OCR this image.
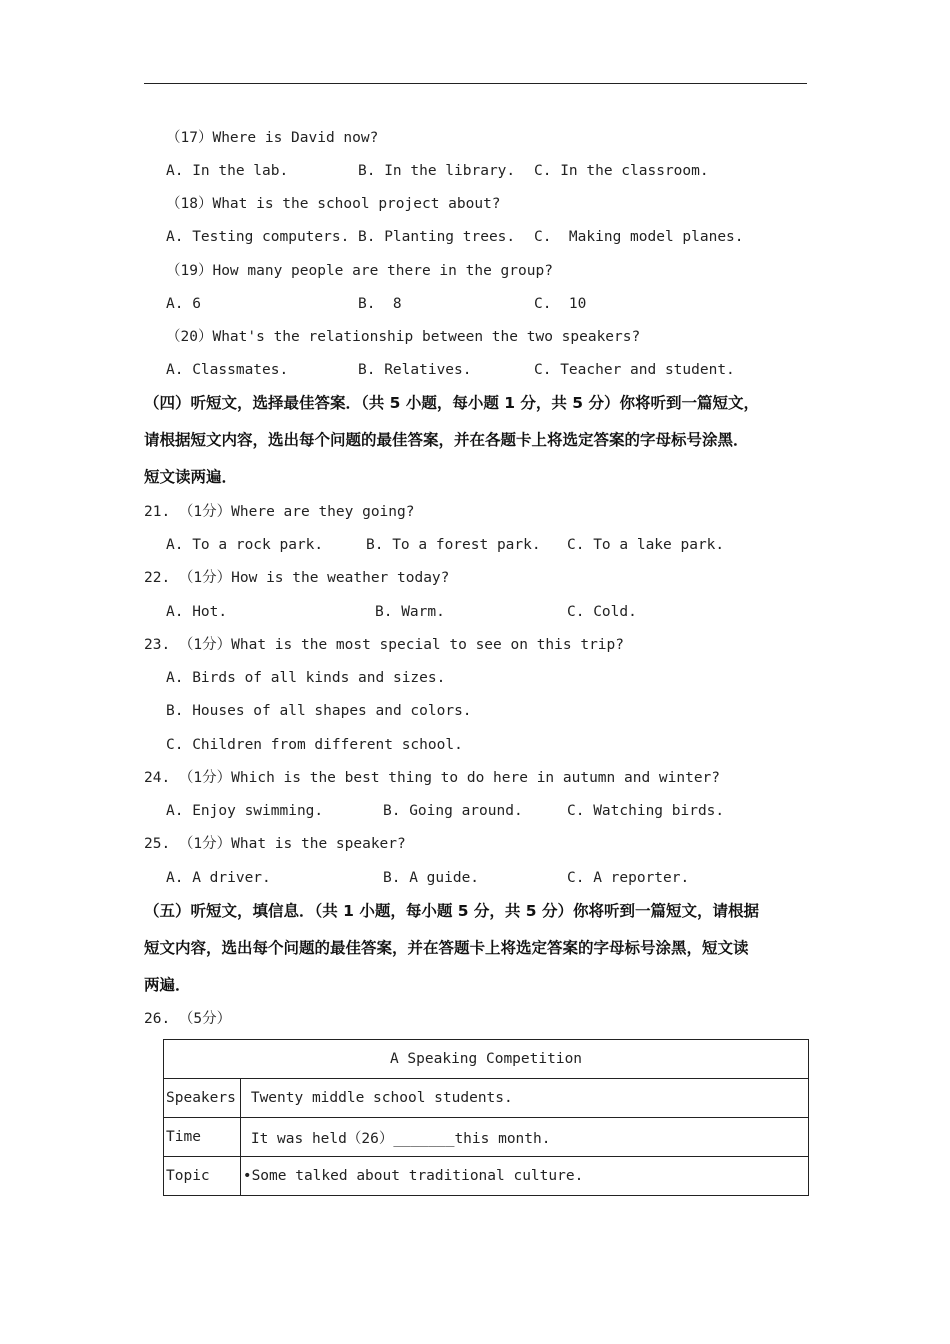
（17）Where is David now?
A. In the lab.	B. In the library. C. In the classroom.
（18）What is the school project about?
A. Testing computers. B. Planting trees. C.  Making model planes.
（19）How many people are there in the group?
A. 6	B.  8	C.  10
（20）What's the relationship between the two speakers?
A. Classmates.	B. Relatives.	C. Teacher and student.
（四）听短文，选择最佳答案．（共 5 小题，每小题 1 分，共 5 分）你将听到一篇短文，
请根据短文内容，选出每个问题的最佳答案，并在各题卡上将选定答案的字母标号涂黑．
短文读两遍．
21. （1分）Where are they going?
A. To a rock park.	B. To a forest park. C. To a lake park.
22. （1分）How is the weather today?
A. Hot.	B. Warm.	C. Cold.
23. （1分）What is the most special to see on this trip?
A. Birds of all kinds and sizes.
B. Houses of all shapes and colors.
C. Children from different school.
24. （1分）Which is the best thing to do here in autumn and winter?
A. Enjoy swimming.	B. Going around.	C. Watching birds.
25. （1分）What is the speaker?
A. A driver.	B. A guide.	C. A reporter.
（五）听短文，填信息．（共 1 小题，每小题 5 分，共 5 分）你将听到一篇短文，请根据
短文内容，选出每个问题的最佳答案，并在答题卡上将选定答案的字母标号涂黑，短文读
两遍．
26. （5分）
A Speaking Competition	
Speakers	Twenty middle school students.
Time	It was held（26）_______this month.
Topic	•Some talked about traditional culture.
